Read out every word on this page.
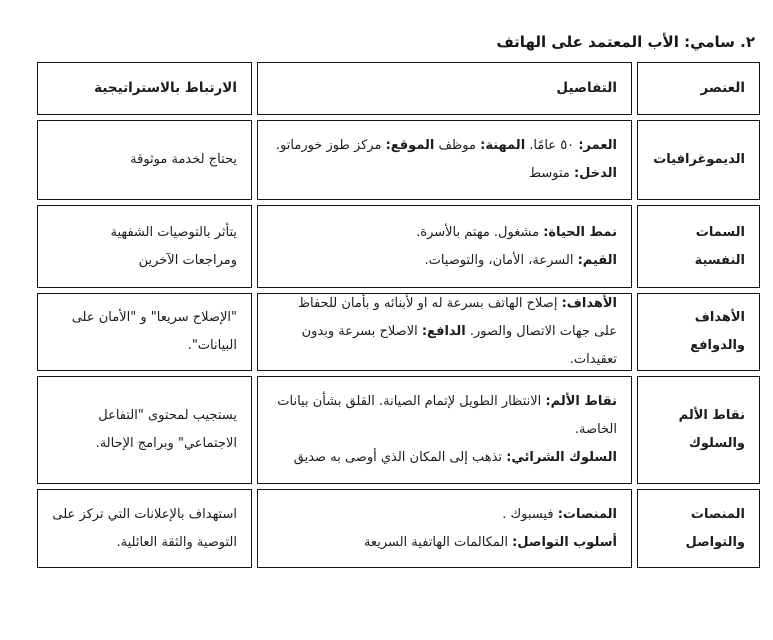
٢. سامي: الأب المعتمد على الهاتف
العنصر
التفاصيل
الارتباط بالاستراتيجية
الديموغرافيات
العمر: ٥٠ عامًا. المهنة: موظف الموقع: مركز طوز خورماتو. الدخل: متوسط
يحتاج لخدمة موثوقة
السمات النفسية
نمط الحياة: مشغول. مهتم بالأسرة.
القيم: السرعة، الأمان، والتوصيات.
يتأثر بالتوصيات الشفهية ومراجعات الآخرين
الأهداف والدوافع
الأهداف: إصلاح الهاتف بسرعة له او لأبنائه و بأمان للحفاظ على جهات الاتصال والصور. الدافع: الاصلاح بسرعة وبدون تعقيدات.
"الإصلاح سريعا" و "الأمان على البيانات".
نقاط الألم والسلوك
نقاط الألم: الانتظار الطويل لإتمام الصيانة. القلق بشأن بيانات الخاصة.
السلوك الشرائي: تذهب إلى المكان الذي أوصى به صديق
يستجيب لمحتوى "التفاعل الاجتماعي" وبرامج الإحالة.
المنصات والتواصل
المنصات: فيسبوك .
أسلوب التواصل: المكالمات الهاتفية السريعة
استهداف بالإعلانات التي تركز على التوصية والثقة العائلية.
